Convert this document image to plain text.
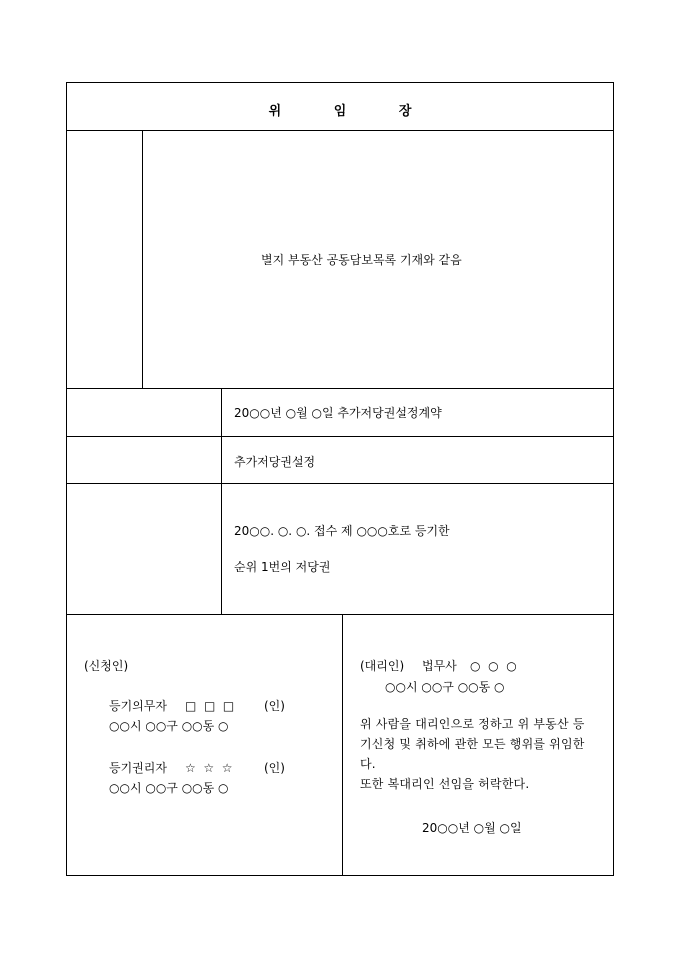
위	임	장
별지 부동산 공동담보목록 기재와 같음
20○○년 ○월 ○일 추가저당권설정계약
추가저당권설정
20○○. ○. ○. 접수 제 ○○○호로 등기한
순위 1번의 저당권
(신청인)
등기의무자 □  □  □ (인)
○○시 ○○구 ○○동 ○
등기권리자 ☆  ☆  ☆	(인)
○○시 ○○구 ○○동 ○
(대리인) 법무사 ○  ○  ○
○○시 ○○구 ○○동 ○
위 사람을 대리인으로 정하고 위 부동산 등
기신청 및 취하에 관한 모든 행위를 위임한
다.
또한 복대리인 선임을 허락한다.
20○○년 ○월 ○일
